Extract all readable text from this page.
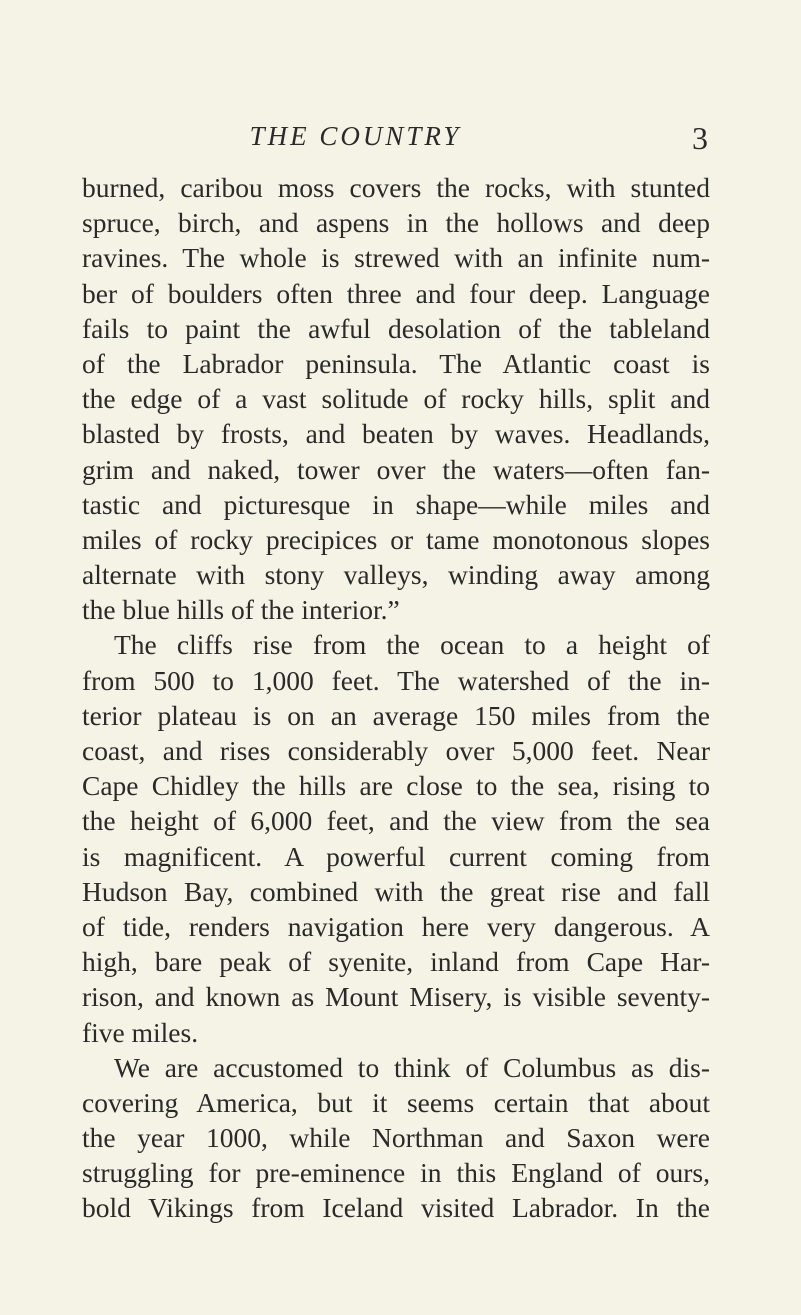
THE COUNTRY	3
burned, caribou moss covers the rocks, with stunted
spruce, birch, and aspens in the hollows and deep
ravines. The whole is strewed with an infinite num-
ber of boulders often three and four deep. Language
fails to paint the awful desolation of the tableland
of the Labrador peninsula. The Atlantic coast is
the edge of a vast solitude of rocky hills, split and
blasted by frosts, and beaten by waves. Headlands,
grim and naked, tower over the waters—often fan-
tastic and picturesque in shape—while miles and
miles of rocky precipices or tame monotonous slopes
alternate with stony valleys, winding away among
the blue hills of the interior.”
The cliffs rise from the ocean to a height of
from 500 to 1,000 feet. The watershed of the in-
terior plateau is on an average 150 miles from the
coast, and rises considerably over 5,000 feet. Near
Cape Chidley the hills are close to the sea, rising to
the height of 6,000 feet, and the view from the sea
is magnificent. A powerful current coming from
Hudson Bay, combined with the great rise and fall
of tide, renders navigation here very dangerous. A
high, bare peak of syenite, inland from Cape Har-
rison, and known as Mount Misery, is visible seventy-
five miles.
We are accustomed to think of Columbus as dis-
covering America, but it seems certain that about
the year 1000, while Northman and Saxon were
struggling for pre-eminence in this England of ours,
bold Vikings from Iceland visited Labrador. In the
